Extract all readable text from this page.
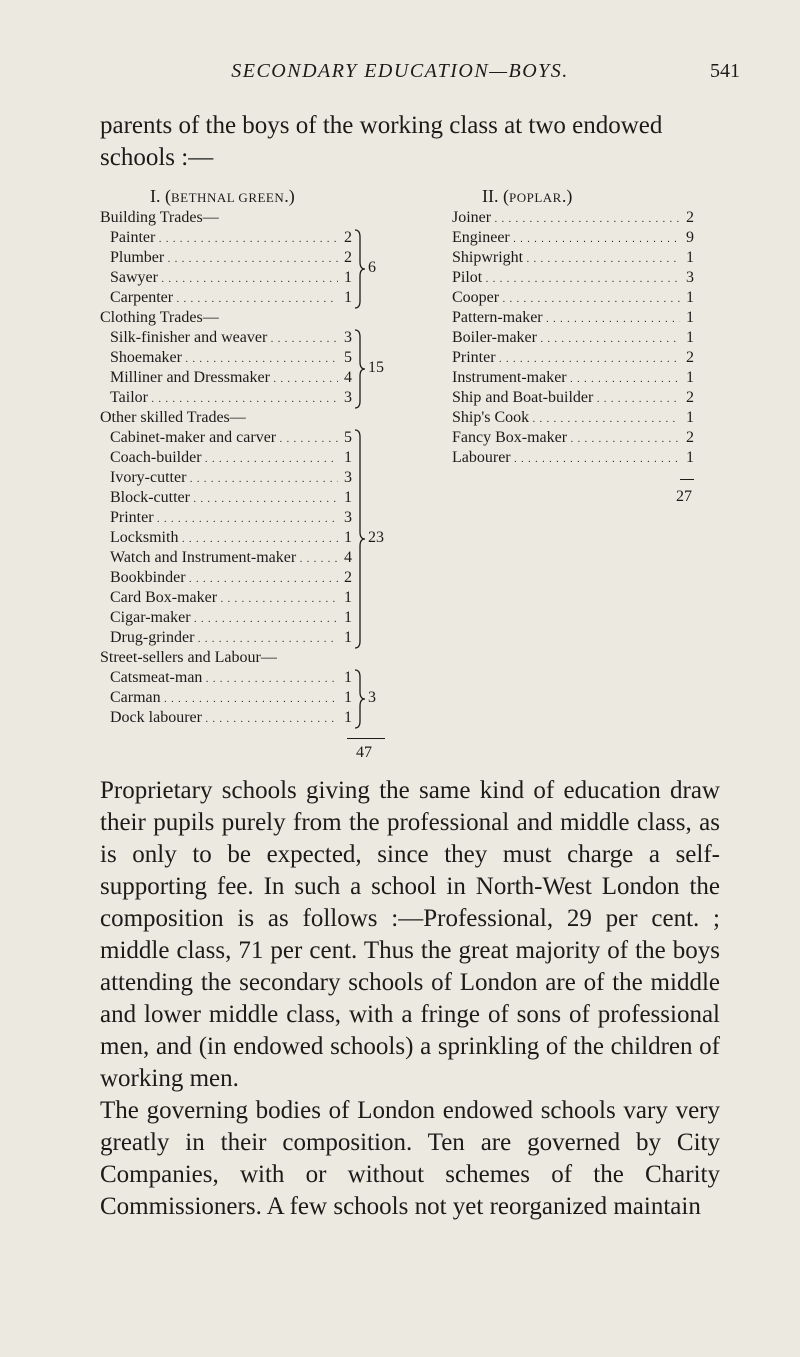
SECONDARY EDUCATION—BOYS.	541
parents of the boys of the working class at two endowed schools :—
I. (BETHNAL GREEN.)
Building Trades—
Painter . . .	2
Plumber . . .	2
Sawyer . . .	1
Carpenter . . .	1
6
Clothing Trades—
Silk-finisher and weaver . . .	3
Shoemaker . . .	5
Milliner and Dressmaker . . .	4
Tailor . . .	3
15
Other skilled Trades—
Cabinet-maker and carver . . .	5
Coach-builder . . .	1
Ivory-cutter . . .	3
Block-cutter . . .	1
Printer . . .	3
Locksmith . . .	1
Watch and Instrument-maker . . .	4
Bookbinder . . .	2
Card Box-maker . . .	1
Cigar-maker . . .	1
Drug-grinder . . .	1
23
Street-sellers and Labour—
Catsmeat-man . . .	1
Carman . . .	1
Dock labourer . . .	1
3
47
II. (POPLAR.)
Joiner . . .	2
Engineer . . .	9
Shipwright . . .	1
Pilot . . .	3
Cooper . . .	1
Pattern-maker . . .	1
Boiler-maker . . .	1
Printer . . .	2
Instrument-maker . . .	1
Ship and Boat-builder . . .	2
Ship's Cook . . .	1
Fancy Box-maker . . .	2
Labourer . . .	1
27

Proprietary schools giving the same kind of education draw their pupils purely from the professional and middle class, as is only to be expected, since they must charge a self-supporting fee. In such a school in North-West London the composition is as follows :—Professional, 29 per cent. ; middle class, 71 per cent. Thus the great majority of the boys attending the secondary schools of London are of the middle and lower middle class, with a fringe of sons of professional men, and (in endowed schools) a sprinkling of the children of working men.

The governing bodies of London endowed schools vary very greatly in their composition. Ten are governed by City Companies, with or without schemes of the Charity Commissioners. A few schools not yet reorganized maintain
